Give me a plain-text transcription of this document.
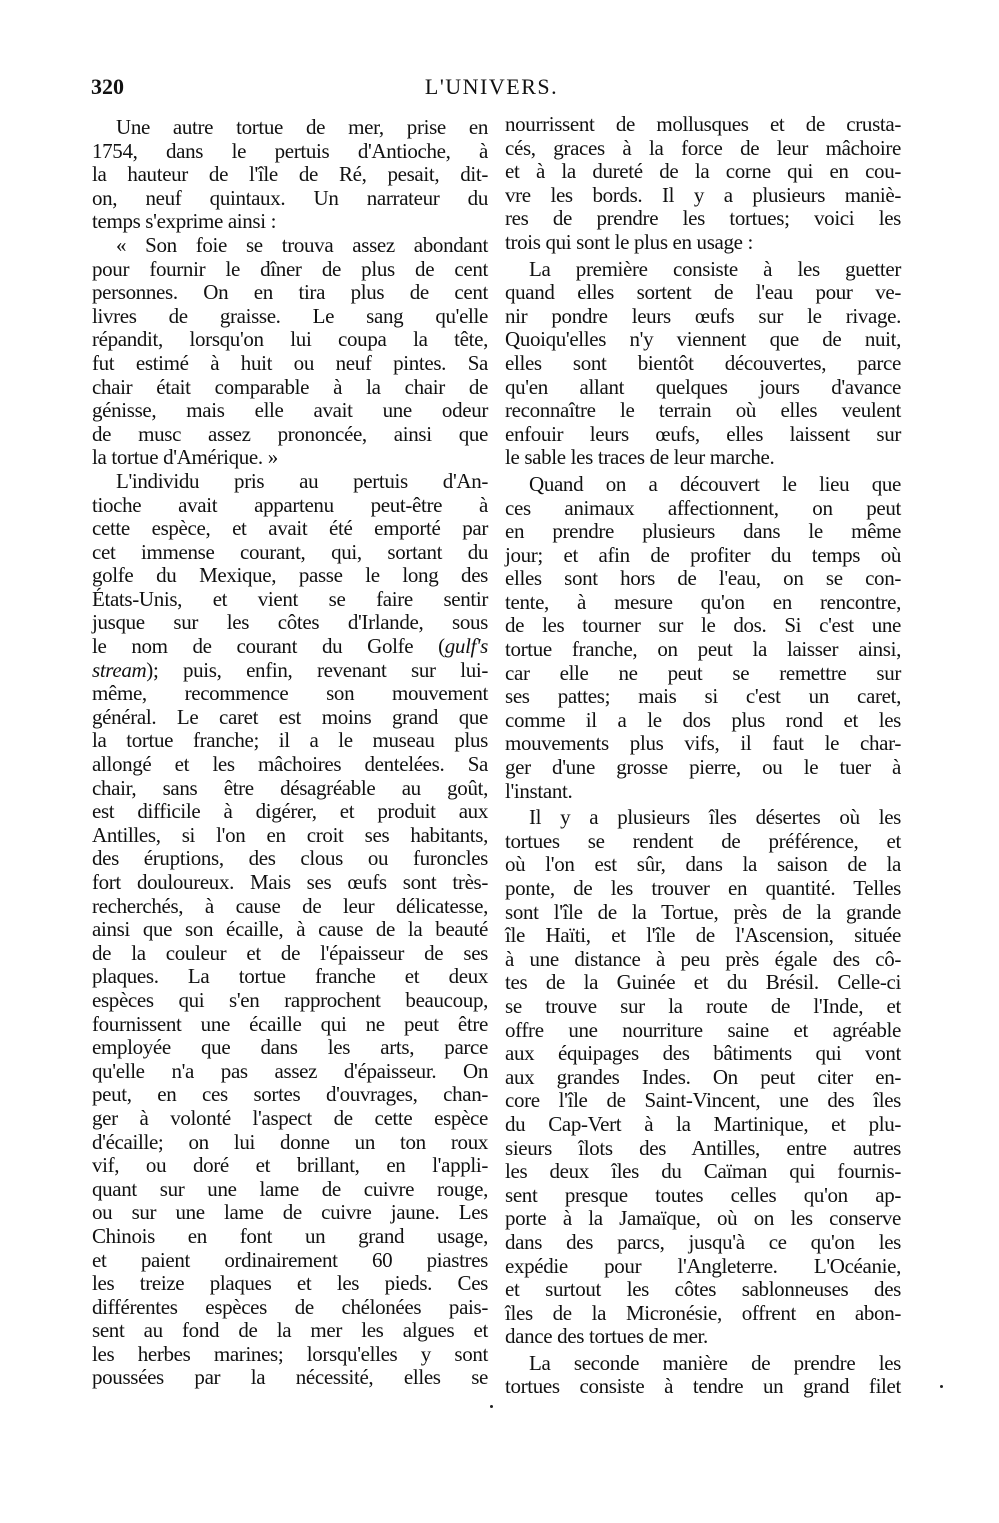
320	L'UNIVERS.
Une autre tortue de mer, prise en
1754, dans le pertuis d'Antioche, à
la hauteur de l'île de Ré, pesait, dit-
on, neuf quintaux. Un narrateur du
temps s'exprime ainsi :
« Son foie se trouva assez abondant
pour fournir le dîner de plus de cent
personnes. On en tira plus de cent
livres de graisse. Le sang qu'elle
répandit, lorsqu'on lui coupa la tête,
fut estimé à huit ou neuf pintes. Sa
chair était comparable à la chair de
génisse, mais elle avait une odeur
de musc assez prononcée, ainsi que
la tortue d'Amérique. »
L'individu pris au pertuis d'An-
tioche avait appartenu peut-être à
cette espèce, et avait été emporté par
cet immense courant, qui, sortant du
golfe du Mexique, passe le long des
États-Unis, et vient se faire sentir
jusque sur les côtes d'Irlande, sous
le nom de courant du Golfe (gulf's
stream); puis, enfin, revenant sur lui-
même, recommence son mouvement
général. Le caret est moins grand que
la tortue franche; il a le museau plus
allongé et les mâchoires dentelées. Sa
chair, sans être désagréable au goût,
est difficile à digérer, et produit aux
Antilles, si l'on en croit ses habitants,
des éruptions, des clous ou furoncles
fort douloureux. Mais ses œufs sont très-
recherchés, à cause de leur délicatesse,
ainsi que son écaille, à cause de la beauté
de la couleur et de l'épaisseur de ses
plaques. La tortue franche et deux
espèces qui s'en rapprochent beaucoup,
fournissent une écaille qui ne peut être
employée que dans les arts, parce
qu'elle n'a pas assez d'épaisseur. On
peut, en ces sortes d'ouvrages, chan-
ger à volonté l'aspect de cette espèce
d'écaille; on lui donne un ton roux
vif, ou doré et brillant, en l'appli-
quant sur une lame de cuivre rouge,
ou sur une lame de cuivre jaune. Les
Chinois en font un grand usage,
et paient ordinairement 60 piastres
les treize plaques et les pieds. Ces
différentes espèces de chélonées pais-
sent au fond de la mer les algues et
les herbes marines; lorsqu'elles y sont
poussées par la nécessité, elles se
nourrissent de mollusques et de crusta-
cés, graces à la force de leur mâchoire
et à la dureté de la corne qui en cou-
vre les bords. Il y a plusieurs maniè-
res de prendre les tortues; voici les
trois qui sont le plus en usage :
La première consiste à les guetter
quand elles sortent de l'eau pour ve-
nir pondre leurs œufs sur le rivage.
Quoiqu'elles n'y viennent que de nuit,
elles sont bientôt découvertes, parce
qu'en allant quelques jours d'avance
reconnaître le terrain où elles veulent
enfouir leurs œufs, elles laissent sur
le sable les traces de leur marche.
Quand on a découvert le lieu que
ces animaux affectionnent, on peut
en prendre plusieurs dans le même
jour; et afin de profiter du temps où
elles sont hors de l'eau, on se con-
tente, à mesure qu'on en rencontre,
de les tourner sur le dos. Si c'est une
tortue franche, on peut la laisser ainsi,
car elle ne peut se remettre sur
ses pattes; mais si c'est un caret,
comme il a le dos plus rond et les
mouvements plus vifs, il faut le char-
ger d'une grosse pierre, ou le tuer à
l'instant.
Il y a plusieurs îles désertes où les
tortues se rendent de préférence, et
où l'on est sûr, dans la saison de la
ponte, de les trouver en quantité. Telles
sont l'île de la Tortue, près de la grande
île Haïti, et l'île de l'Ascension, située
à une distance à peu près égale des cô-
tes de la Guinée et du Brésil. Celle-ci
se trouve sur la route de l'Inde, et
offre une nourriture saine et agréable
aux équipages des bâtiments qui vont
aux grandes Indes. On peut citer en-
core l'île de Saint-Vincent, une des îles
du Cap-Vert à la Martinique, et plu-
sieurs îlots des Antilles, entre autres
les deux îles du Caïman qui fournis-
sent presque toutes celles qu'on ap-
porte à la Jamaïque, où on les conserve
dans des parcs, jusqu'à ce qu'on les
expédie pour l'Angleterre. L'Océanie,
et surtout les côtes sablonneuses des
îles de la Micronésie, offrent en abon-
dance des tortues de mer.
La seconde manière de prendre les
tortues consiste à tendre un grand filet
